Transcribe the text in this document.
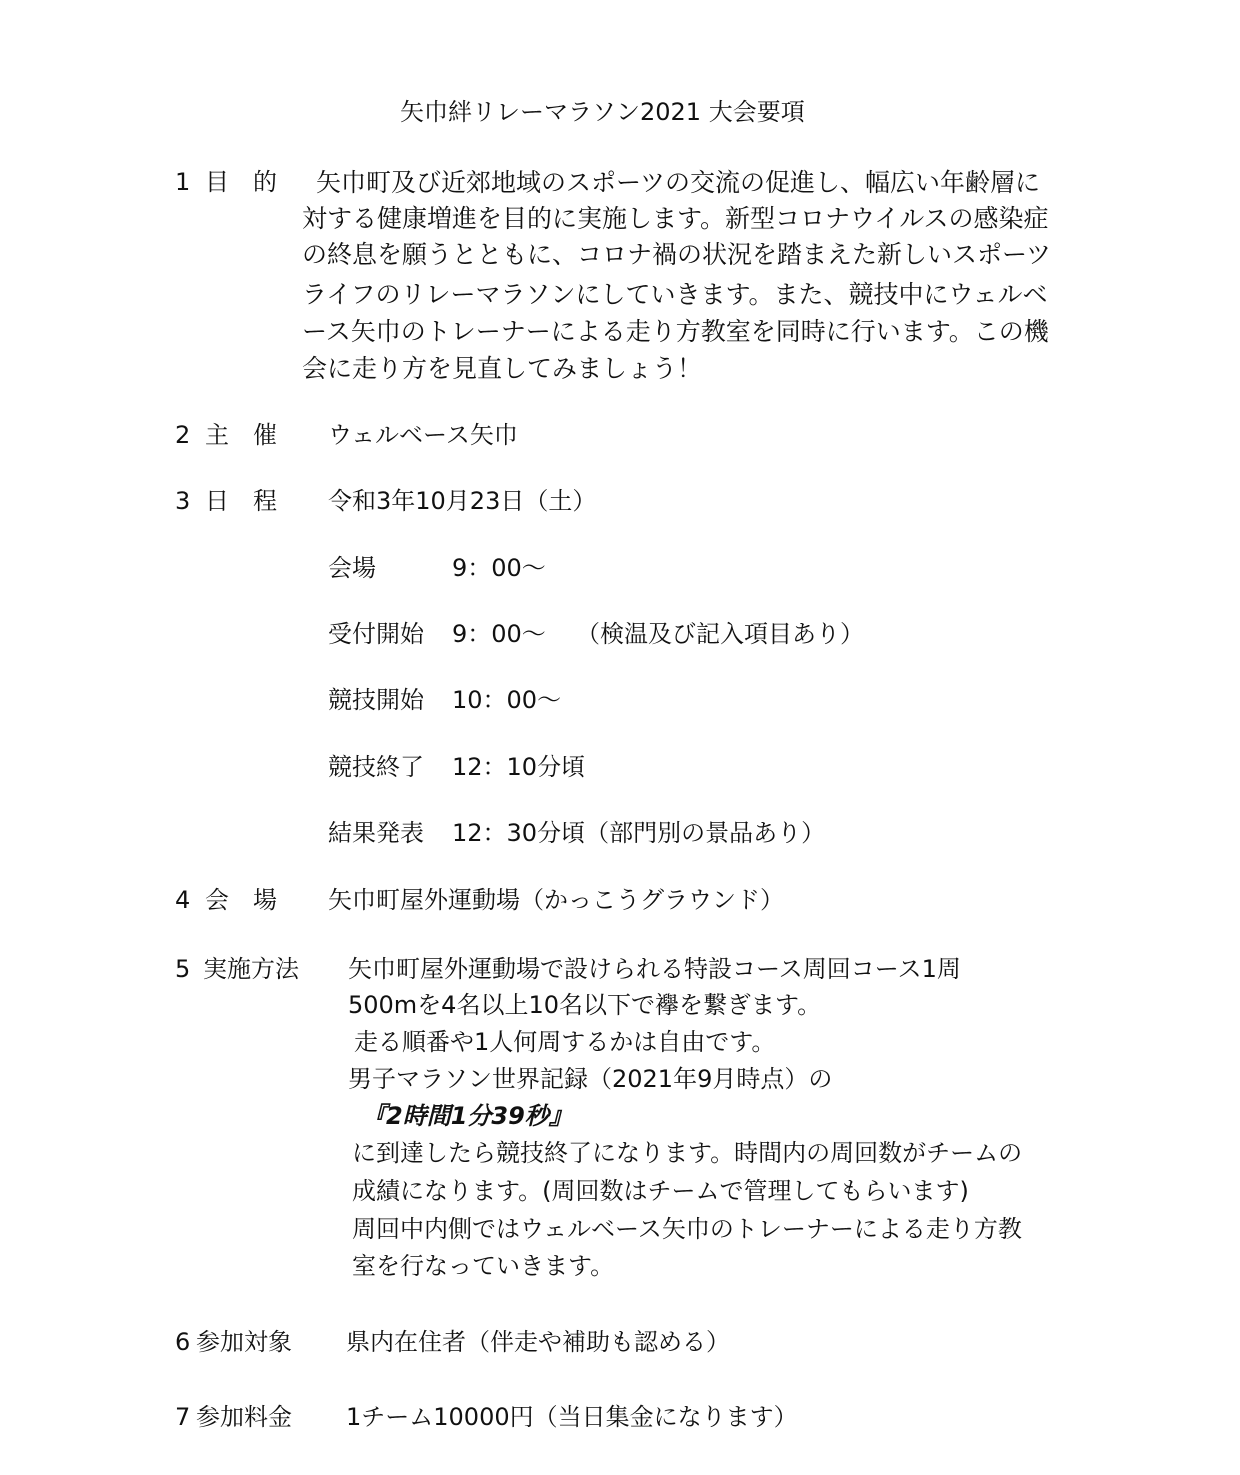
矢巾絆リレーマラソン2021 大会要項
1 目　的 矢巾町及び近郊地域のスポーツの交流の促進し、幅広い年齢層に
対する健康増進を目的に実施します。新型コロナウイルスの感染症
の終息を願うとともに、コロナ禍の状況を踏まえた新しいスポーツ
ライフのリレーマラソンにしていきます。また、競技中にウェルベ
ース矢巾のトレーナーによる走り方教室を同時に行います。この機
会に走り方を見直してみましょう！
2 主　催 ウェルベース矢巾
3 日　程 令和3年10月23日（土）
会場	9：00～
受付開始 9：00～ （検温及び記入項目あり）
競技開始 10：00～
競技終了 12：10分頃
結果発表 12：30分頃（部門別の景品あり）
4 会　場 矢巾町屋外運動場（かっこうグラウンド）
5 実施方法 矢巾町屋外運動場で設けられる特設コース周回コース1周
500mを4名以上10名以下で襷を繋ぎます。
走る順番や1人何周するかは自由です。
男子マラソン世界記録（2021年9月時点）の
『2時間1分39秒』
に到達したら競技終了になります。時間内の周回数がチームの
成績になります。(周回数はチームで管理してもらいます)
周回中内側ではウェルベース矢巾のトレーナーによる走り方教
室を行なっていきます。
6 参加対象 県内在住者（伴走や補助も認める）
7 参加料金 1チーム10000円（当日集金になります）
